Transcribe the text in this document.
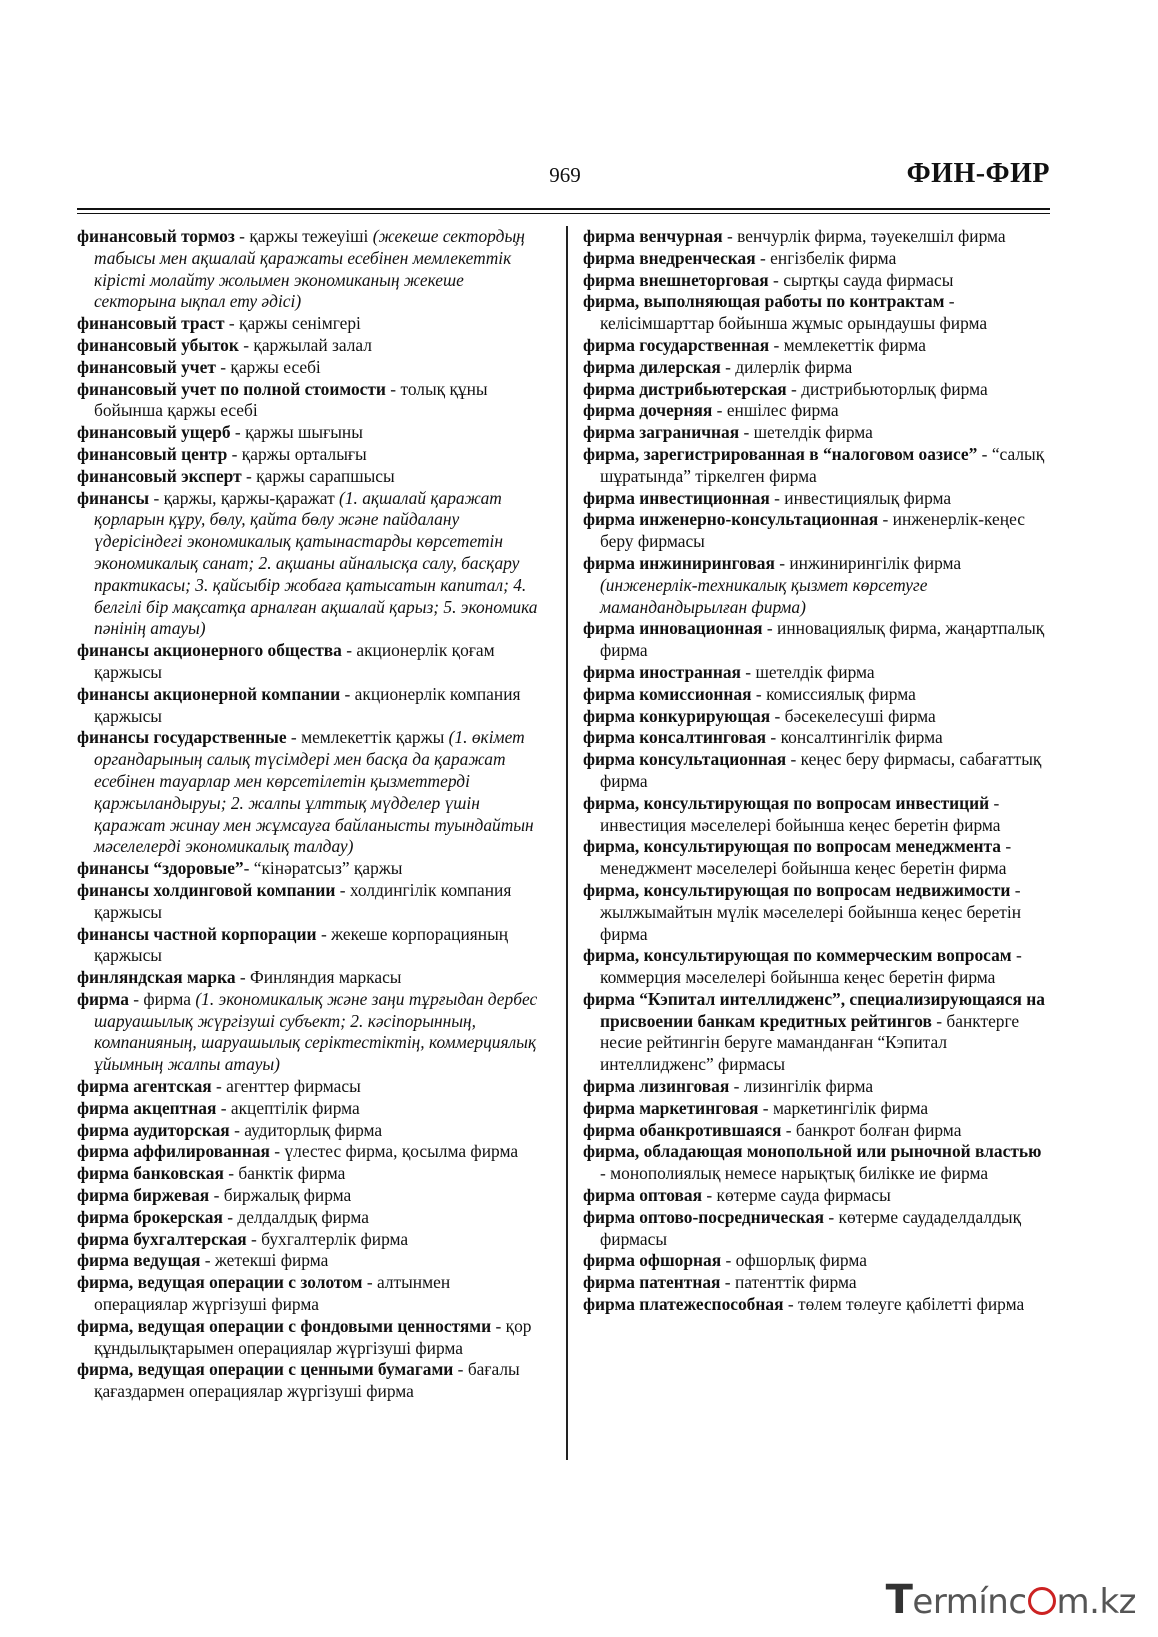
969	ФИН-ФИР

финансовый тормоз - қаржы тежеуіші (жекеше секторды̧ң табысы мен ақшалай қаражаты есебінен мемлекеттік кірісті молайту жолымен экономиканың жекеше секторына ықпал ету әдісі)

финансовый траст - қаржы сенімгері

финансовый убыток - қаржылай залал

финансовый учет - қаржы есебі

финансовый учет по полной стоимости - толық құны бойынша қаржы есебі

финансовый ущерб - қаржы шығыны

финансовый центр - қаржы орталығы

финансовый эксперт - қаржы сарапшысы

финансы - қаржы, қаржы-қаражат (1. ақшалай қаражат қорларын құру, бөлу, қайта бөлу және пайдалану үдерісіндегі экономикалық қатынастарды көрсететін экономикалық санат; 2. ақшаны айналысқа салу, басқару практикасы; 3. қайсыбір жобаға қатысатын капитал; 4. белгілі бір мақсатқа арналған ақшалай қарыз; 5. экономика пәнінің атауы)

финансы акционерного общества - акционерлік қоғам қаржысы

финансы акционерной компании - акционерлік компания қаржысы

финансы государственные - мемлекеттік қаржы (1. өкімет органдарының салық түсімдері мен басқа да қаражат есебінен тауарлар мен көрсетілетін қызметтерді қаржыландыруы; 2. жалпы ұлттық мүдделер үшін қаражат жинау мен жұмсауға байланысты туындайтын мәселелерді экономикалық талдау)

финансы “здоровые”- “кінәратсыз” қаржы

финансы холдинговой компании - холдингілік компания қаржысы

финансы частной корпорации - жекеше корпорацияның қаржысы

финляндская марка - Финляндия маркасы

фирма - фирма (1. экономикалық және заңи тұрғыдан дербес шаруашылық жүргізуші субъект; 2. кәсіпорынның, компанияның, шаруашылық серіктестіктің, коммерциялық ұйымның жалпы атауы)

фирма агентская - агенттер фирмасы

фирма акцептная - акцептілік фирма

фирма аудиторская - аудиторлық фирма

фирма аффилированная - үлестес фирма, қосылма фирма

фирма банковская - банктік фирма

фирма биржевая - биржалық фирма

фирма брокерская - делдалдық фирма

фирма бухгалтерская - бухгалтерлік фирма

фирма ведущая - жетекші фирма

фирма, ведущая операции с золотом - алтынмен операциялар жүргізуші фирма

фирма, ведущая операции с фондовыми ценностями - қор құндылықтарымен операциялар жүргізуші фирма

фирма, ведущая операции с ценными бумагами - бағалы қағаздармен операциялар жүргізуші фирма

фирма венчурная - венчурлік фирма, тәуекелшіл фирма

фирма внедренческая - енгізбелік фирма

фирма внешнеторговая - сыртқы сауда фирмасы

фирма, выполняющая работы по контрактам - келісімшарттар бойынша жұмыс орындаушы фирма

фирма государственная - мемлекеттік фирма

фирма дилерская - дилерлік фирма

фирма дистрибьютерская - дистрибьюторлық фирма

фирма дочерняя - еншілес фирма

фирма заграничная - шетелдік фирма

фирма, зарегистрированная в “налоговом оазисе” - “салық шұратында” тіркелген фирма

фирма инвестиционная - инвестициялық фирма

фирма инженерно-консультационная - инженерлік-кеңес беру фирмасы

фирма инжиниринговая - инжинирингілік фирма (инженерлік-техникалық қызмет көрсетуге мамандандырылған фирма)

фирма инновационная - инновациялық фирма, жаңартпалық фирма

фирма иностранная - шетелдік фирма

фирма комиссионная - комиссиялық фирма

фирма конкурирующая - бәсекелесуші фирма

фирма консалтинговая - консалтингілік фирма

фирма консультационная - кеңес беру фирмасы, сабағаттық фирма

фирма, консультирующая по вопросам инвестиций - инвестиция мәселелері бойынша кеңес беретін фирма

фирма, консультирующая по вопросам менеджмента - менеджмент мәселелері бойынша кеңес беретін фирма

фирма, консультирующая по вопросам недвижимости - жылжымайтын мүлік мәселелері бойынша кеңес беретін фирма

фирма, консультирующая по коммерческим вопросам - коммерция мәселелері бойынша кеңес беретін фирма

фирма “Кэпитал интеллидженс”, специализирующаяся на присвоении банкам кредитных рейтингов - банктерге несие рейтингін беруге маманданған “Кэпитал интеллидженс” фирмасы

фирма лизинговая - лизингілік фирма

фирма маркетинговая - маркетингілік фирма

фирма обанкротившаяся - банкрот болған фирма

фирма, обладающая монопольной или рыночной властью - монополиялық немесе нарықтық билікке ие фирма

фирма оптовая - көтерме сауда фирмасы

фирма оптово-посредническая - көтерме саудаделдалдық фирмасы

фирма офшорная - офшорлық фирма

фирма патентная - патенттік фирма

фирма платежеспособная - төлем төлеуге қабілетті фирма

Termínc m.kz
